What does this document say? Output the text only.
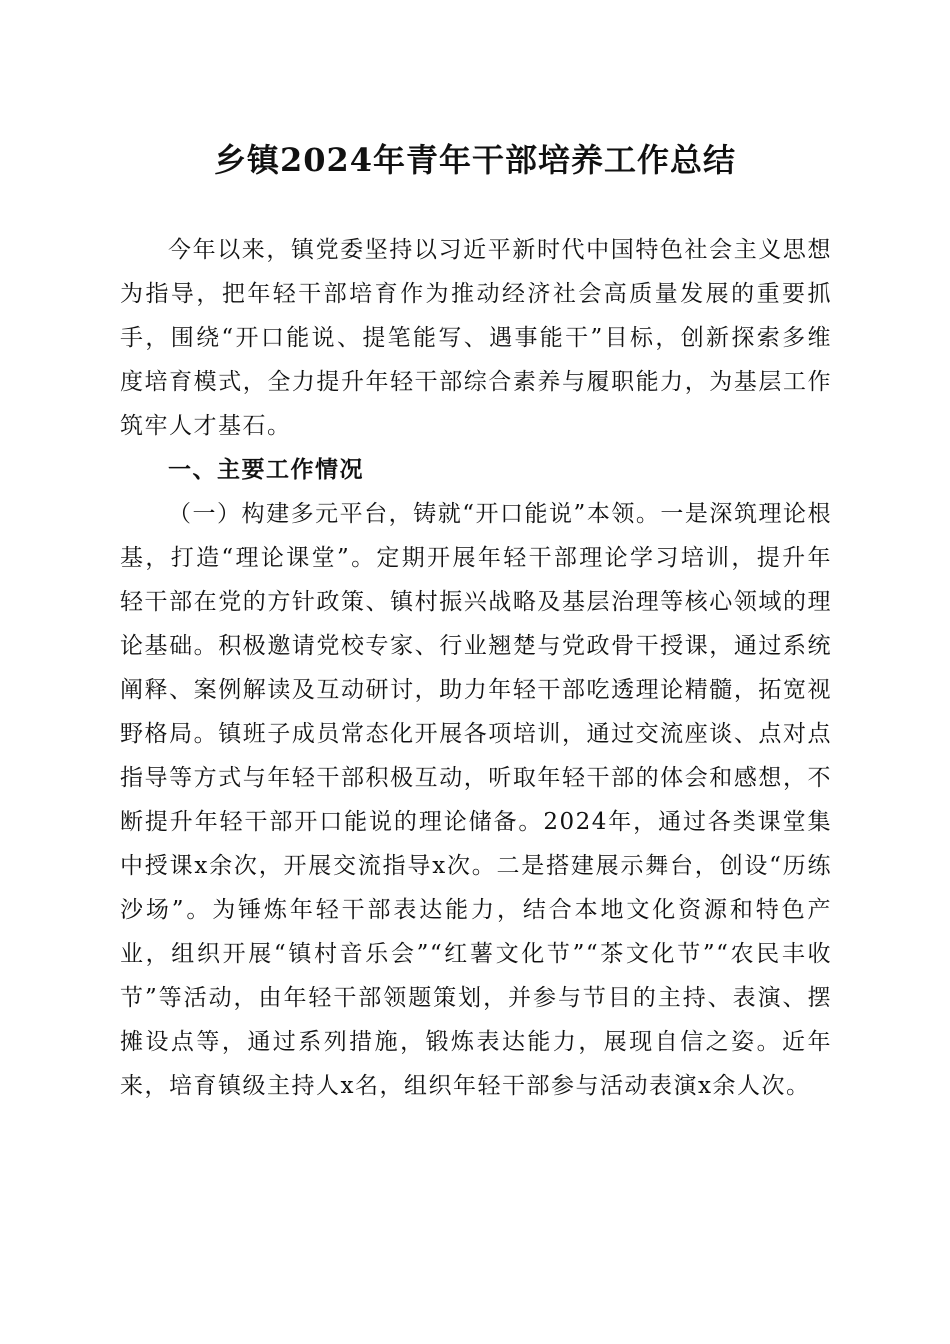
乡镇2024年青年干部培养工作总结

今年以来，镇党委坚持以习近平新时代中国特色社会主义思想为指导，把年轻干部培育作为推动经济社会高质量发展的重要抓手，围绕“开口能说、提笔能写、遇事能干”目标，创新探索多维度培育模式，全力提升年轻干部综合素养与履职能力，为基层工作筑牢人才基石。

一、主要工作情况

（一）构建多元平台，铸就“开口能说”本领。一是深筑理论根基，打造“理论课堂”。定期开展年轻干部理论学习培训，提升年轻干部在党的方针政策、镇村振兴战略及基层治理等核心领域的理论基础。积极邀请党校专家、行业翘楚与党政骨干授课，通过系统阐释、案例解读及互动研讨，助力年轻干部吃透理论精髓，拓宽视野格局。镇班子成员常态化开展各项培训，通过交流座谈、点对点指导等方式与年轻干部积极互动，听取年轻干部的体会和感想，不断提升年轻干部开口能说的理论储备。2024年，通过各类课堂集中授课x余次，开展交流指导x次。二是搭建展示舞台，创设“历练沙场”。为锤炼年轻干部表达能力，结合本地文化资源和特色产业，组织开展“镇村音乐会”“红薯文化节”“茶文化节”“农民丰收节”等活动，由年轻干部领题策划，并参与节目的主持、表演、摆摊设点等，通过系列措施，锻炼表达能力，展现自信之姿。近年来，培育镇级主持人x名，组织年轻干部参与活动表演x余人次。
